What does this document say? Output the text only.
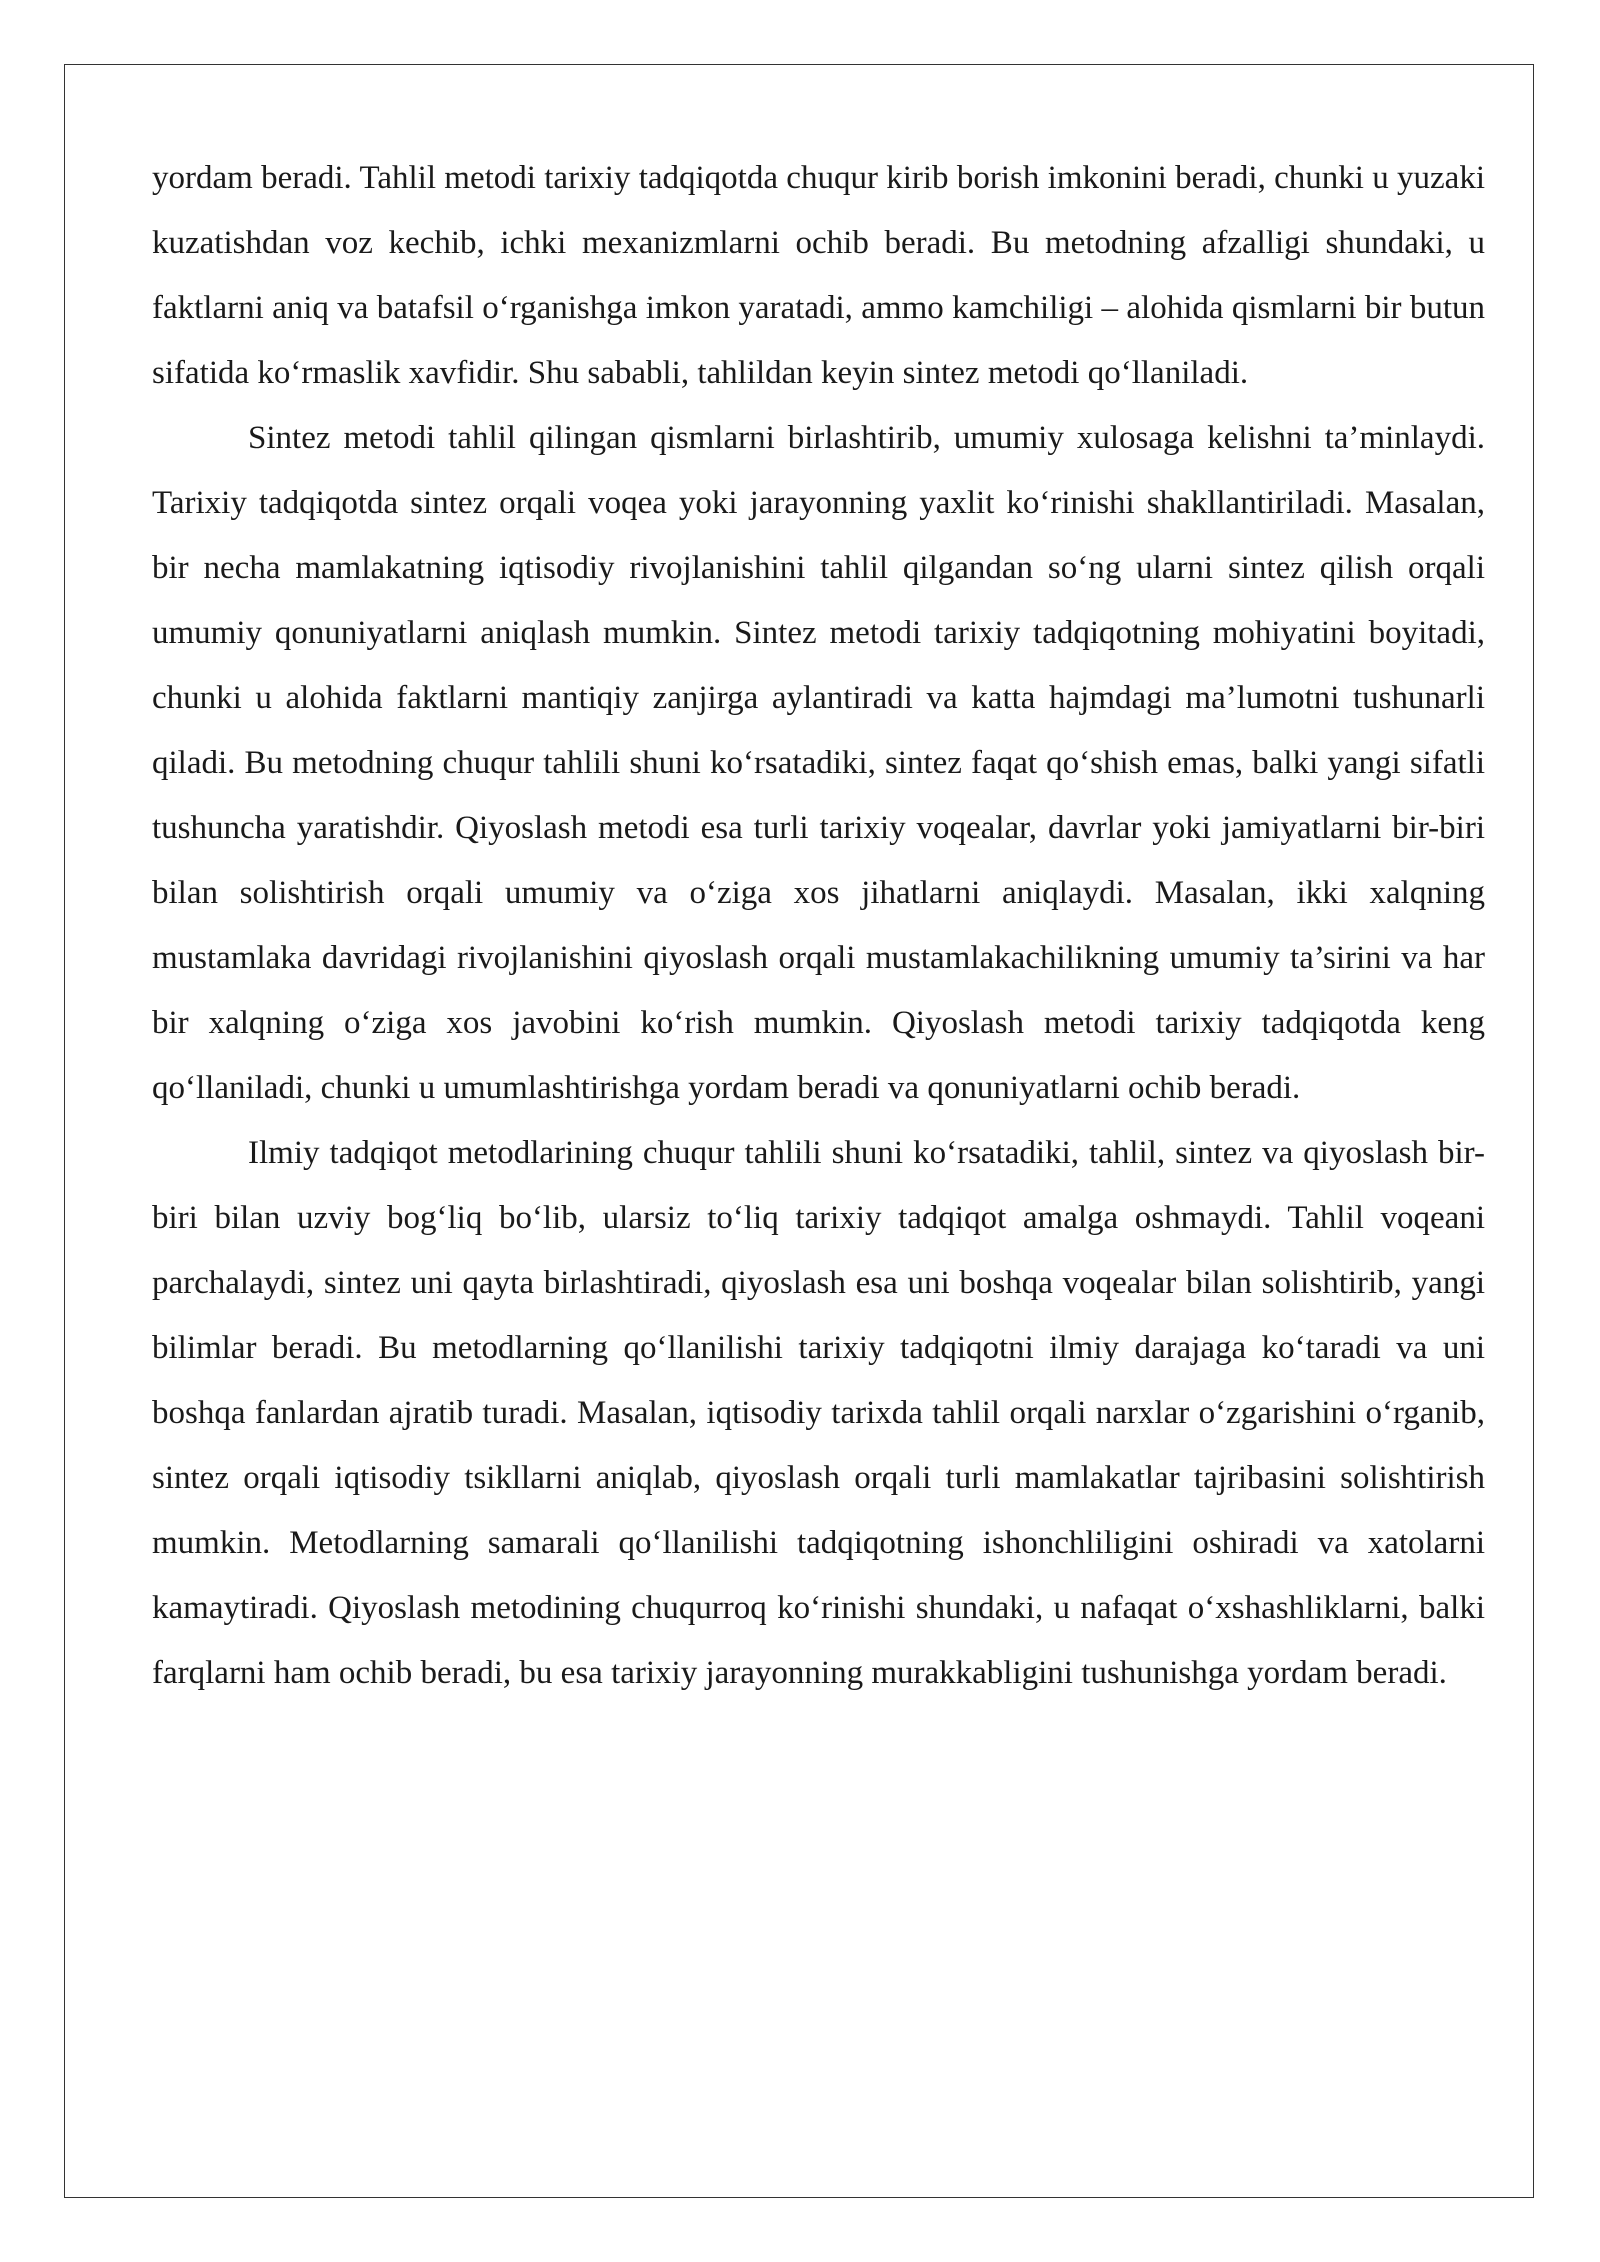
yordam beradi. Tahlil metodi tarixiy tadqiqotda chuqur kirib borish imkonini beradi, chunki u yuzaki kuzatishdan voz kechib, ichki mexanizmlarni ochib beradi. Bu metodning afzalligi shundaki, u faktlarni aniq va batafsil o‘rganishga imkon yaratadi, ammo kamchiligi – alohida qismlarni bir butun sifatida ko‘rmaslik xavfidir. Shu sababli, tahlildan keyin sintez metodi qo‘llaniladi.

Sintez metodi tahlil qilingan qismlarni birlashtirib, umumiy xulosaga kelishni ta’minlaydi. Tarixiy tadqiqotda sintez orqali voqea yoki jarayonning yaxlit ko‘rinishi shakllantiriladi. Masalan, bir necha mamlakatning iqtisodiy rivojlanishini tahlil qilgandan so‘ng ularni sintez qilish orqali umumiy qonuniyatlarni aniqlash mumkin. Sintez metodi tarixiy tadqiqotning mohiyatini boyitadi, chunki u alohida faktlarni mantiqiy zanjirga aylantiradi va katta hajmdagi ma’lumotni tushunarli qiladi. Bu metodning chuqur tahlili shuni ko‘rsatadiki, sintez faqat qo‘shish emas, balki yangi sifatli tushuncha yaratishdir. Qiyoslash metodi esa turli tarixiy voqealar, davrlar yoki jamiyatlarni bir-biri bilan solishtirish orqali umumiy va o‘ziga xos jihatlarni aniqlaydi. Masalan, ikki xalqning mustamlaka davridagi rivojlanishini qiyoslash orqali mustamlakachilikning umumiy ta’sirini va har bir xalqning o‘ziga xos javobini ko‘rish mumkin. Qiyoslash metodi tarixiy tadqiqotda keng qo‘llaniladi, chunki u umumlashtirishga yordam beradi va qonuniyatlarni ochib beradi.

Ilmiy tadqiqot metodlarining chuqur tahlili shuni ko‘rsatadiki, tahlil, sintez va qiyoslash bir-biri bilan uzviy bog‘liq bo‘lib, ularsiz to‘liq tarixiy tadqiqot amalga oshmaydi. Tahlil voqeani parchalaydi, sintez uni qayta birlashtiradi, qiyoslash esa uni boshqa voqealar bilan solishtirib, yangi bilimlar beradi. Bu metodlarning qo‘llanilishi tarixiy tadqiqotni ilmiy darajaga ko‘taradi va uni boshqa fanlardan ajratib turadi. Masalan, iqtisodiy tarixda tahlil orqali narxlar o‘zgarishini o‘rganib, sintez orqali iqtisodiy tsikllarni aniqlab, qiyoslash orqali turli mamlakatlar tajribasini solishtirish mumkin. Metodlarning samarali qo‘llanilishi tadqiqotning ishonchliligini oshiradi va xatolarni kamaytiradi. Qiyoslash metodining chuqurroq ko‘rinishi shundaki, u nafaqat o‘xshashliklarni, balki farqlarni ham ochib beradi, bu esa tarixiy jarayonning murakkabligini tushunishga yordam beradi.
